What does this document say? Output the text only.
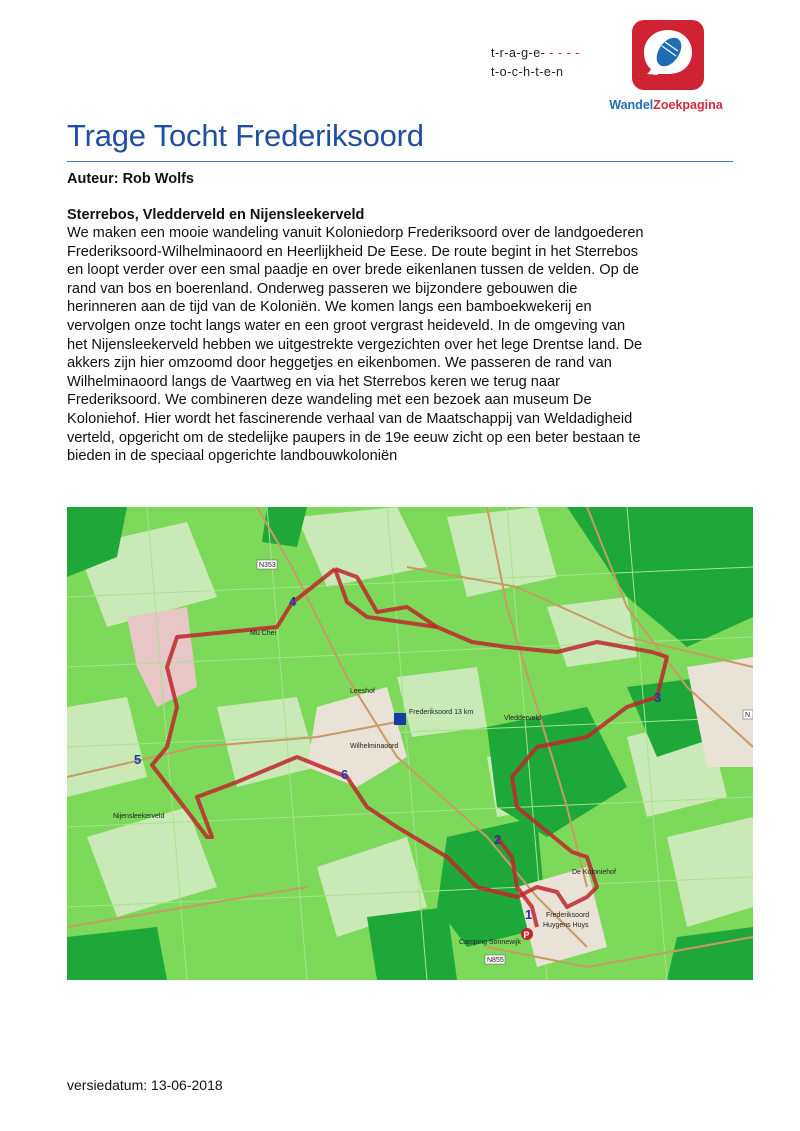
t-r-a-g-e- - - - -
t-o-c-h-t-e-n
WandelZoekpagina
Trage Tocht Frederiksoord
Auteur: Rob Wolfs
Sterrebos, Vledderveld en Nijensleekerveld
We maken een mooie wandeling vanuit Koloniedorp Frederiksoord over de landgoederen
Frederiksoord-Wilhelminaoord en Heerlijkheid De Eese. De route begint in het Sterrebos
en loopt verder over een smal paadje en over brede eikenlanen tussen de velden. Op de
rand van bos en boerenland. Onderweg passeren we bijzondere gebouwen die
herinneren aan de tijd van de Koloniën. We komen langs een bamboekwekerij en
vervolgen onze tocht langs water en een groot vergrast heideveld. In de omgeving van
het Nijensleekerveld hebben we uitgestrekte vergezichten over het lege Drentse land. De
akkers zijn hier omzoomd door heggetjes en eikenbomen. We passeren de rand van
Wilhelminaoord langs de Vaartweg en via het Sterrebos keren we terug naar
Frederiksoord. We combineren deze wandeling met een bezoek aan museum De
Koloniehof. Hier wordt het fascinerende verhaal van de Maatschappij van Weldadigheid
verteld, opgericht om de stedelijke paupers in de 19e eeuw zicht op een beter bestaan te
bieden in de speciaal opgerichte landbouwkoloniën
1
2
3
4
5
6
P
N353
N855
N
Mu Chei
Leeshof
Frederiksoord 13 km
Vledderveld
Wilhelminaoord
Nijensleekerveld
De Koloniehof
Frederiksoord
Huygens Huys
Camping Sonnewijk
versiedatum: 13-06-2018
